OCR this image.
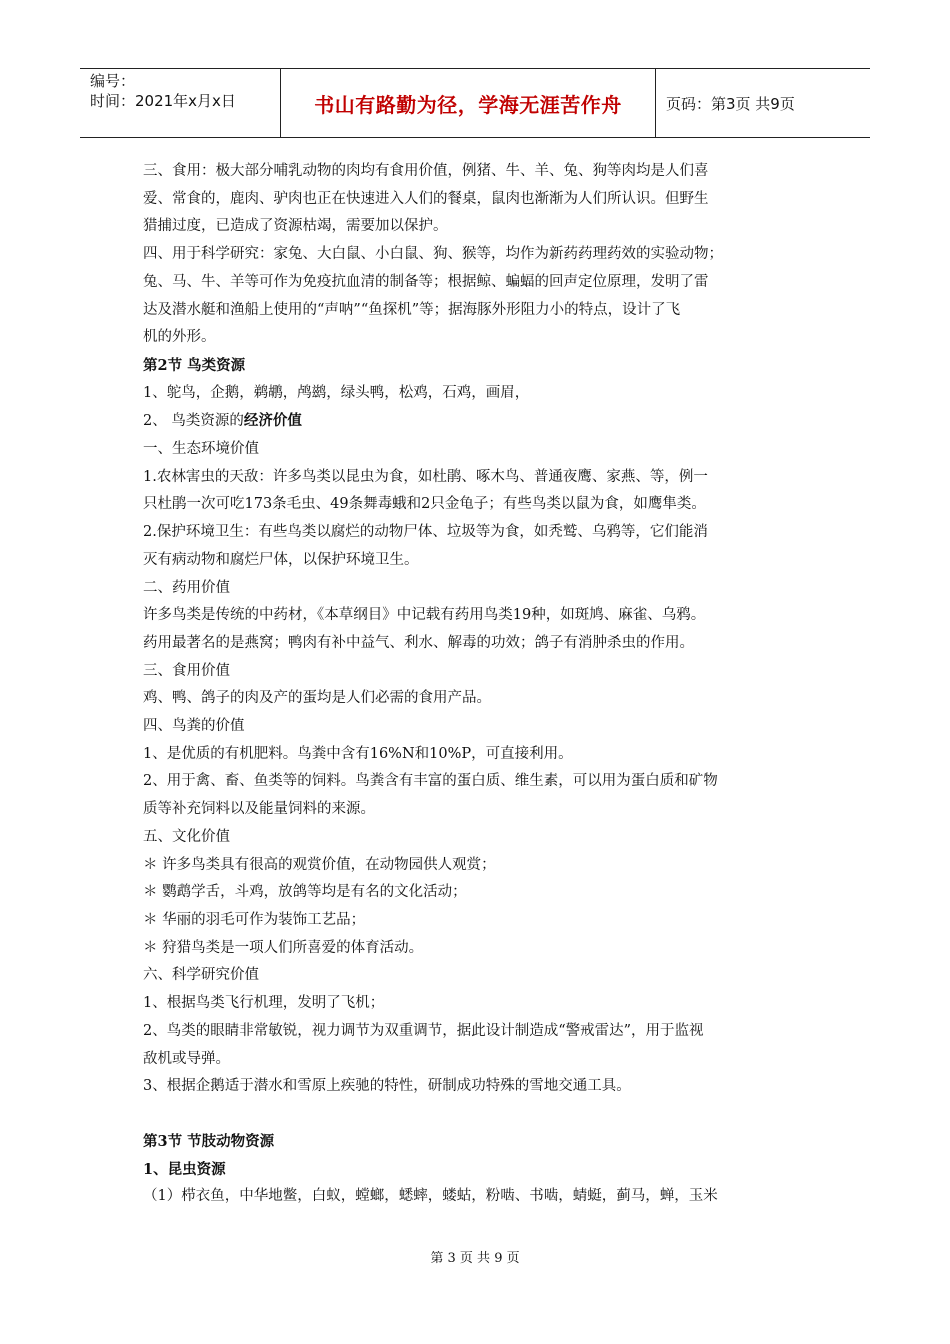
编号：
时间：2021年x月x日	书山有路勤为径，学海无涯苦作舟	页码：第3页 共9页

三、食用：极大部分哺乳动物的肉均有食用价值，例猪、牛、羊、兔、狗等肉均是人们喜

爱、常食的，鹿肉、驴肉也正在快速进入人们的餐桌，鼠肉也渐渐为人们所认识。但野生

猎捕过度，已造成了资源枯竭，需要加以保护。

四、用于科学研究：家兔、大白鼠、小白鼠、狗、猴等，均作为新药药理药效的实验动物；

兔、马、牛、羊等可作为免疫抗血清的制备等；根据鲸、蝙蝠的回声定位原理，发明了雷

达及潜水艇和渔船上使用的“声呐”“鱼探机”等；据海豚外形阻力小的特点，设计了飞

机的外形。

第2节 鸟类资源

1、鸵鸟，企鹅，鹈鹕，鸬鹚，绿头鸭，松鸡，石鸡，画眉，

2、 鸟类资源的经济价值

一、生态环境价值

1.农林害虫的天敌：许多鸟类以昆虫为食，如杜鹃、啄木鸟、普通夜鹰、家燕、等，例一

只杜鹃一次可吃173条毛虫、49条舞毒蛾和2只金龟子；有些鸟类以鼠为食，如鹰隼类。

2.保护环境卫生：有些鸟类以腐烂的动物尸体、垃圾等为食，如秃鹫、乌鸦等，它们能消

灭有病动物和腐烂尸体，以保护环境卫生。

二、药用价值

许多鸟类是传统的中药材，《本草纲目》中记载有药用鸟类19种，如斑鸠、麻雀、乌鸦。

药用最著名的是燕窝；鸭肉有补中益气、利水、解毒的功效；鸽子有消肿杀虫的作用。

三、食用价值

鸡、鸭、鸽子的肉及产的蛋均是人们必需的食用产品。

四、鸟粪的价值

1、是优质的有机肥料。鸟粪中含有16%N和10%P，可直接利用。

2、用于禽、畜、鱼类等的饲料。鸟粪含有丰富的蛋白质、维生素，可以用为蛋白质和矿物

质等补充饲料以及能量饲料的来源。

五、文化价值

＊ 许多鸟类具有很高的观赏价值，在动物园供人观赏；

＊ 鹦鹉学舌，斗鸡，放鸽等均是有名的文化活动；

＊ 华丽的羽毛可作为装饰工艺品；

＊ 狩猎鸟类是一项人们所喜爱的体育活动。

六、科学研究价值

1、根据鸟类飞行机理，发明了飞机；

2、鸟类的眼睛非常敏锐，视力调节为双重调节，据此设计制造成“警戒雷达”，用于监视

敌机或导弹。

3、根据企鹅适于潜水和雪原上疾驰的特性，研制成功特殊的雪地交通工具。

第3节 节肢动物资源

1、昆虫资源

（1）栉衣鱼，中华地鳖，白蚁，螳螂，蟋蟀，蝼蛄，粉啮、书啮，蜻蜓，蓟马，蝉，玉米

第 3 页 共 9 页
